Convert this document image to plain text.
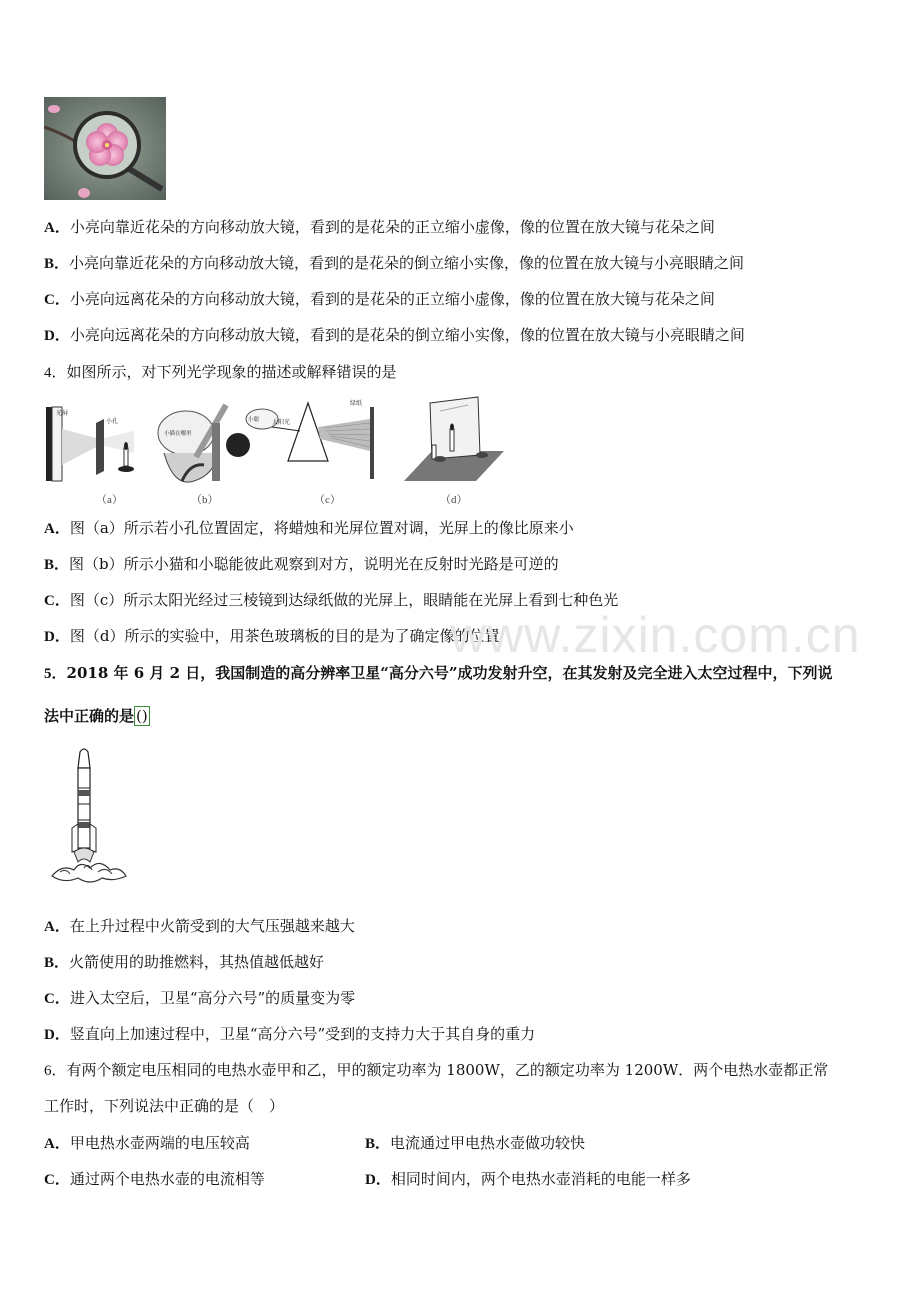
A．小亮向靠近花朵的方向移动放大镜，看到的是花朵的正立缩小虚像，像的位置在放大镜与花朵之间
B．小亮向靠近花朵的方向移动放大镜，看到的是花朵的倒立缩小实像，像的位置在放大镜与小亮眼睛之间
C．小亮向远离花朵的方向移动放大镜，看到的是花朵的正立缩小虚像，像的位置在放大镜与花朵之间
D．小亮向远离花朵的方向移动放大镜，看到的是花朵的倒立缩小实像，像的位置在放大镜与小亮眼睛之间
4．如图所示，对下列光学现象的描述或解释错误的是
光屏
小孔
（a）
小猫在哪里
小聪
（b）
太阳光
绿纸
（c）	（d）
A．图（a）所示若小孔位置固定，将蜡烛和光屏位置对调，光屏上的像比原来小
B．图（b）所示小猫和小聪能彼此观察到对方，说明光在反射时光路是可逆的
C．图（c）所示太阳光经过三棱镜到达绿纸做的光屏上，眼睛能在光屏上看到七种色光
D．图（d）所示的实验中，用茶色玻璃板的目的是为了确定像的位置
www.zixin.com.cn
5．2018 年 6 月 2 日，我国制造的高分辨率卫星“高分六号”成功发射升空，在其发射及完全进入太空过程中，下列说
法中正确的是 ()
A．在上升过程中火箭受到的大气压强越来越大
B．火箭使用的助推燃料，其热值越低越好
C．进入太空后，卫星“高分六号”的质量变为零
D．竖直向上加速过程中，卫星“高分六号”受到的支持力大于其自身的重力
6．有两个额定电压相同的电热水壶甲和乙，甲的额定功率为 1800W，乙的额定功率为 1200W．两个电热水壶都正常
工作时，下列说法中正确的是（　）
A．甲电热水壶两端的电压较高	B．电流通过甲电热水壶做功较快
C．通过两个电热水壶的电流相等	D．相同时间内，两个电热水壶消耗的电能一样多
